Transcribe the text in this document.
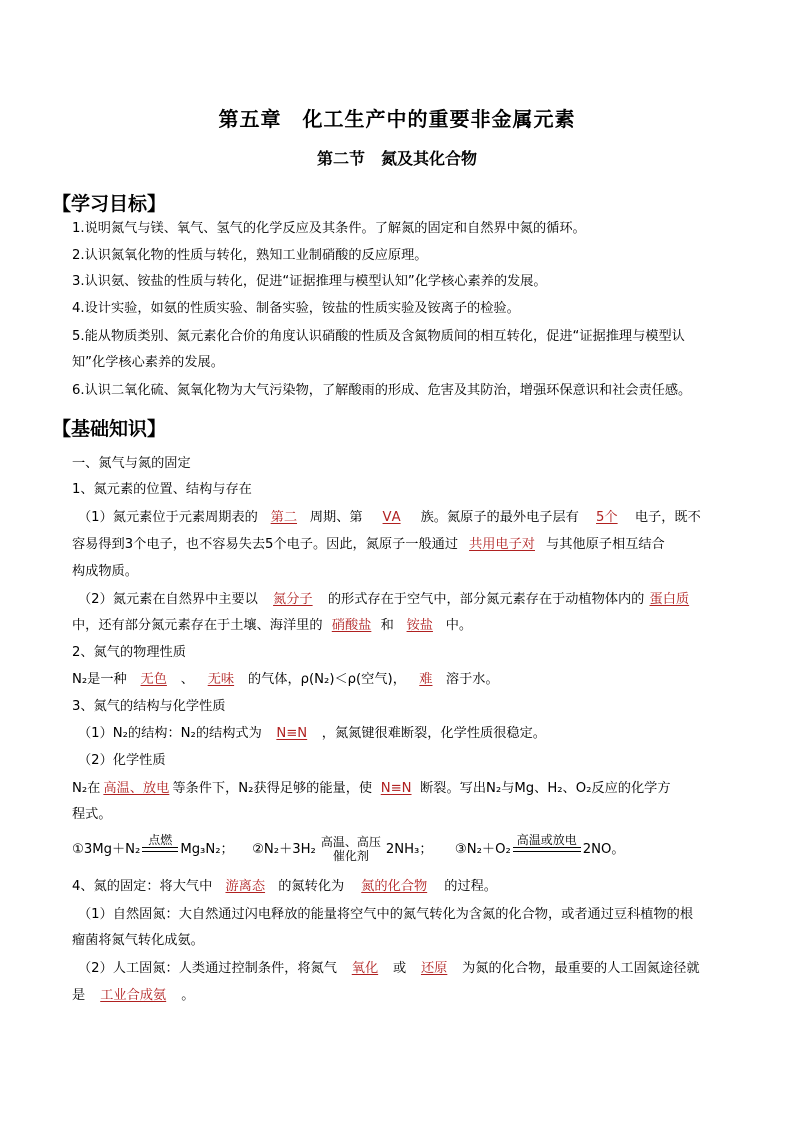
第五章　化工生产中的重要非金属元素
第二节　氮及其化合物
【学习目标】
1.说明氮气与镁、氧气、氢气的化学反应及其条件。了解氮的固定和自然界中氮的循环。
2.认识氮氧化物的性质与转化，熟知工业制硝酸的反应原理。
3.认识氨、铵盐的性质与转化，促进“证据推理与模型认知”化学核心素养的发展。
4.设计实验，如氨的性质实验、制备实验，铵盐的性质实验及铵离子的检验。
5.能从物质类别、氮元素化合价的角度认识硝酸的性质及含氮物质间的相互转化，促进“证据推理与模型认
知”化学核心素养的发展。
6.认识二氧化硫、氮氧化物为大气污染物，了解酸雨的形成、危害及其防治，增强环保意识和社会责任感。
【基础知识】
一、氮气与氮的固定
1、氮元素的位置、结构与存在
（1）氮元素位于元素周期表的 第二 周期、第 ⅤA 族。氮原子的最外电子层有 5个 电子，既不
容易得到3个电子，也不容易失去5个电子。因此，氮原子一般通过 共用电子对 与其他原子相互结合
构成物质。
（2）氮元素在自然界中主要以 氮分子 的形式存在于空气中，部分氮元素存在于动植物体内的 蛋白质
中，还有部分氮元素存在于土壤、海洋里的 硝酸盐 和 铵盐 中。
2、氮气的物理性质
N₂是一种 无色 、 无味 的气体，ρ(N₂)＜ρ(空气)， 难 溶于水。
3、氮气的结构与化学性质
（1）N₂的结构：N₂的结构式为 N≡N ，氮氮键很难断裂，化学性质很稳定。
（2）化学性质
N₂在 高温、放电 等条件下，N₂获得足够的能量，使 N≡N 断裂。写出N₂与Mg、H₂、O₂反应的化学方
程式。
①3Mg＋N₂
点燃
Mg₃N₂； ②N₂＋3H₂ 高温、高压
催化剂	2NH₃； ③N₂＋O₂
高温或放电
2NO。
4、氮的固定：将大气中 游离态 的氮转化为 氮的化合物 的过程。
（1）自然固氮：大自然通过闪电释放的能量将空气中的氮气转化为含氮的化合物，或者通过豆科植物的根
瘤菌将氮气转化成氨。
（2）人工固氮：人类通过控制条件，将氮气 氧化 或 还原 为氮的化合物，最重要的人工固氮途径就
是 工业合成氨 。
